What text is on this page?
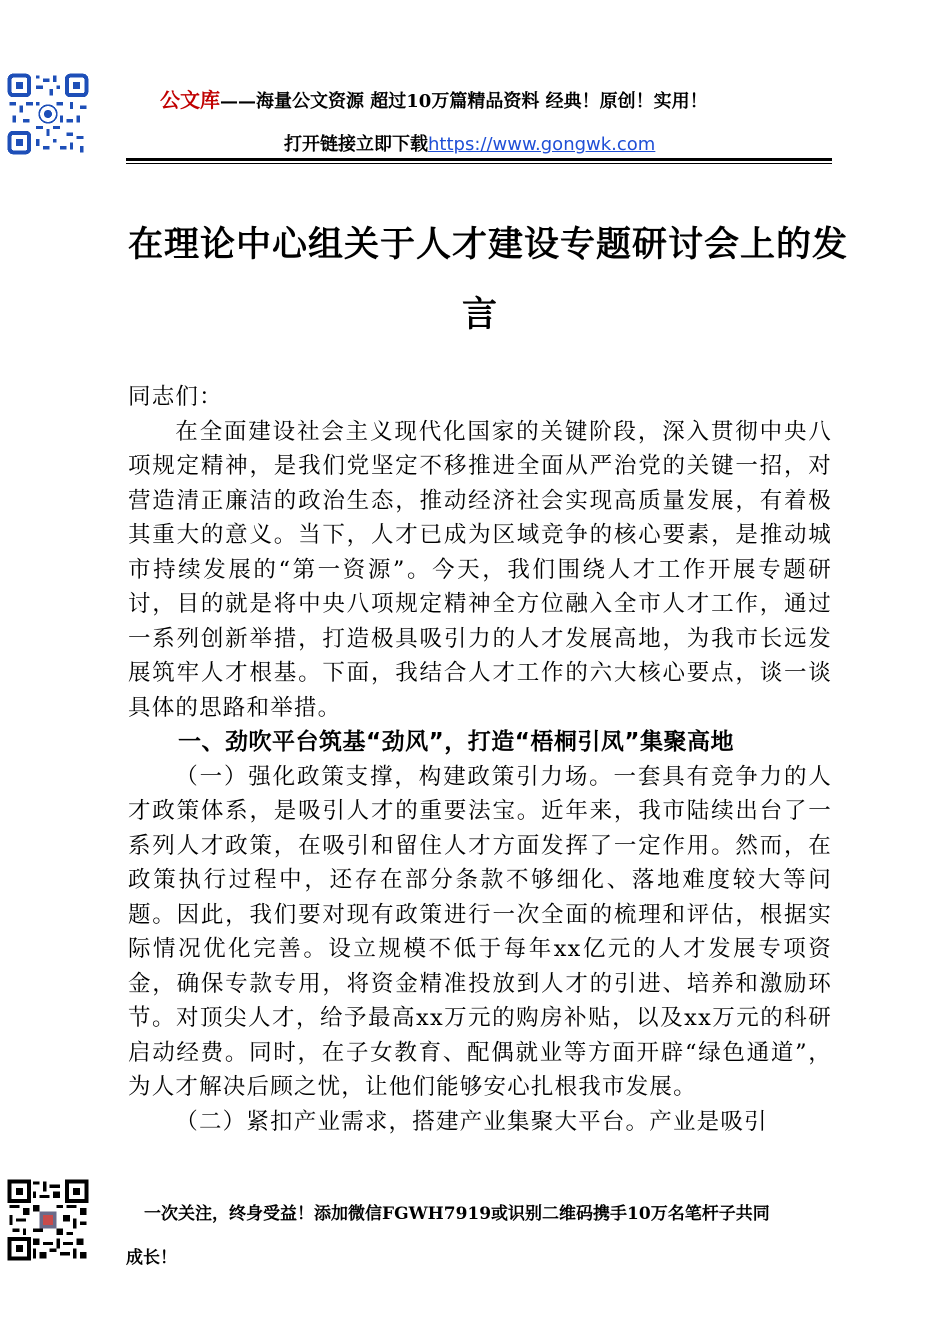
公文库——海量公文资源 超过10万篇精品资料 经典！原创！实用！
打开链接立即下载https://www.gongwk.com
在理论中心组关于人才建设专题研讨会上的发
言

同志们：

在全面建设社会主义现代化国家的关键阶段，深入贯彻中央八项规定精神，是我们党坚定不移推进全面从严治党的关键一招，对营造清正廉洁的政治生态，推动经济社会实现高质量发展，有着极其重大的意义。当下，人才已成为区域竞争的核心要素，是推动城市持续发展的“第一资源”。今天，我们围绕人才工作开展专题研讨，目的就是将中央八项规定精神全方位融入全市人才工作，通过一系列创新举措，打造极具吸引力的人才发展高地，为我市长远发展筑牢人才根基。下面，我结合人才工作的六大核心要点，谈一谈具体的思路和举措。

一、劲吹平台筑基“劲风”，打造“梧桐引凤”集聚高地

（一）强化政策支撑，构建政策引力场。一套具有竞争力的人才政策体系，是吸引人才的重要法宝。近年来，我市陆续出台了一系列人才政策，在吸引和留住人才方面发挥了一定作用。然而，在政策执行过程中，还存在部分条款不够细化、落地难度较大等问题。因此，我们要对现有政策进行一次全面的梳理和评估，根据实际情况优化完善。设立规模不低于每年xx亿元的人才发展专项资金，确保专款专用，将资金精准投放到人才的引进、培养和激励环节。对顶尖人才，给予最高xx万元的购房补贴，以及xx万元的科研启动经费。同时，在子女教育、配偶就业等方面开辟“绿色通道”，为人才解决后顾之忧，让他们能够安心扎根我市发展。

（二）紧扣产业需求，搭建产业集聚大平台。产业是吸引

一次关注，终身受益！添加微信FGWH7919或识别二维码携手10万名笔杆子共同
成长！
